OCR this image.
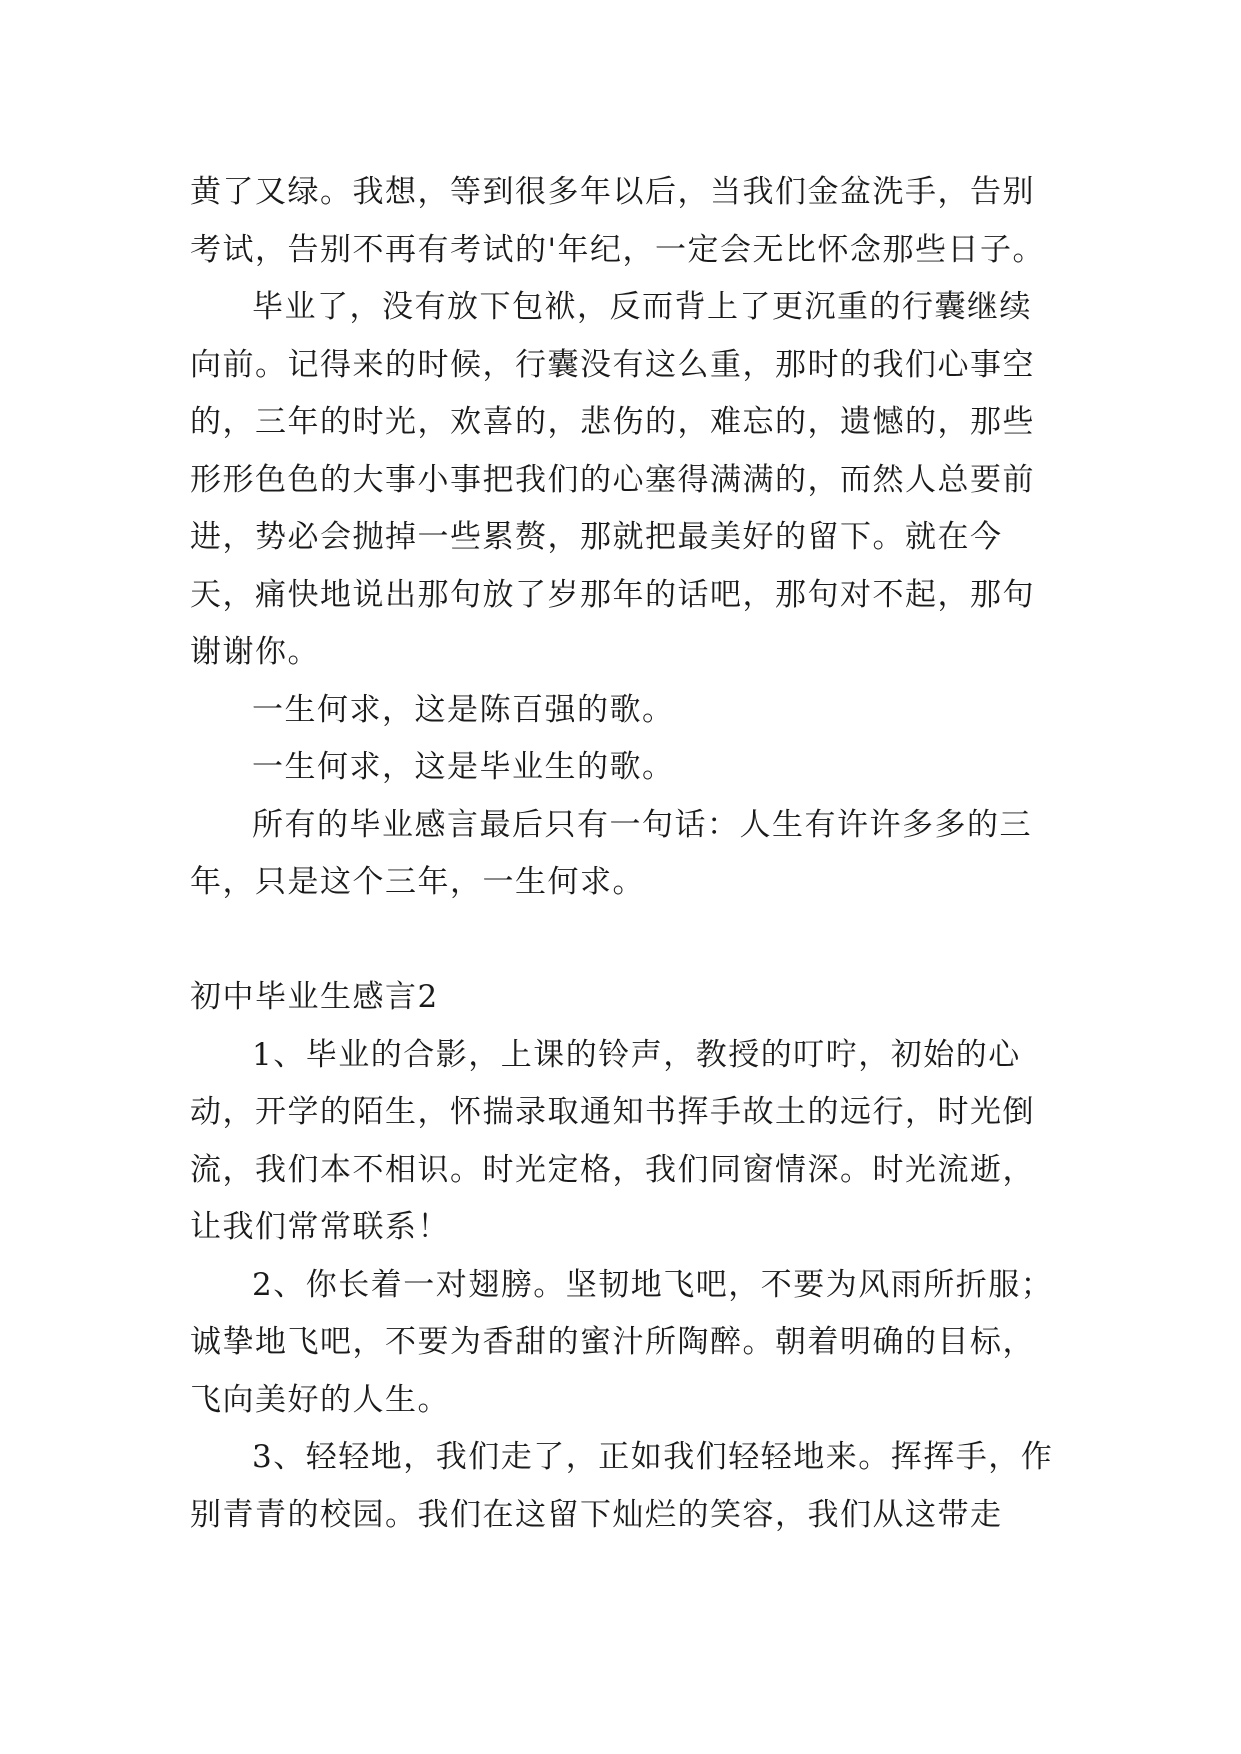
黄了又绿。我想，等到很多年以后，当我们金盆洗手，告别考试，告别不再有考试的'年纪，一定会无比怀念那些日子。

毕业了，没有放下包袱，反而背上了更沉重的行囊继续向前。记得来的时候，行囊没有这么重，那时的我们心事空的，三年的时光，欢喜的，悲伤的，难忘的，遗憾的，那些形形色色的大事小事把我们的心塞得满满的，而然人总要前进，势必会抛掉一些累赘，那就把最美好的留下。就在今天，痛快地说出那句放了岁那年的话吧，那句对不起，那句谢谢你。

一生何求，这是陈百强的歌。

一生何求，这是毕业生的歌。

所有的毕业感言最后只有一句话：人生有许许多多的三年，只是这个三年，一生何求。

初中毕业生感言2

1、毕业的合影，上课的铃声，教授的叮咛，初始的心动，开学的陌生，怀揣录取通知书挥手故土的远行，时光倒流，我们本不相识。时光定格，我们同窗情深。时光流逝，让我们常常联系！

2、你长着一对翅膀。坚韧地飞吧，不要为风雨所折服；诚挚地飞吧，不要为香甜的蜜汁所陶醉。朝着明确的目标，飞向美好的人生。

3、轻轻地，我们走了，正如我们轻轻地来。挥挥手，作别青青的校园。我们在这留下灿烂的笑容，我们从这带走
